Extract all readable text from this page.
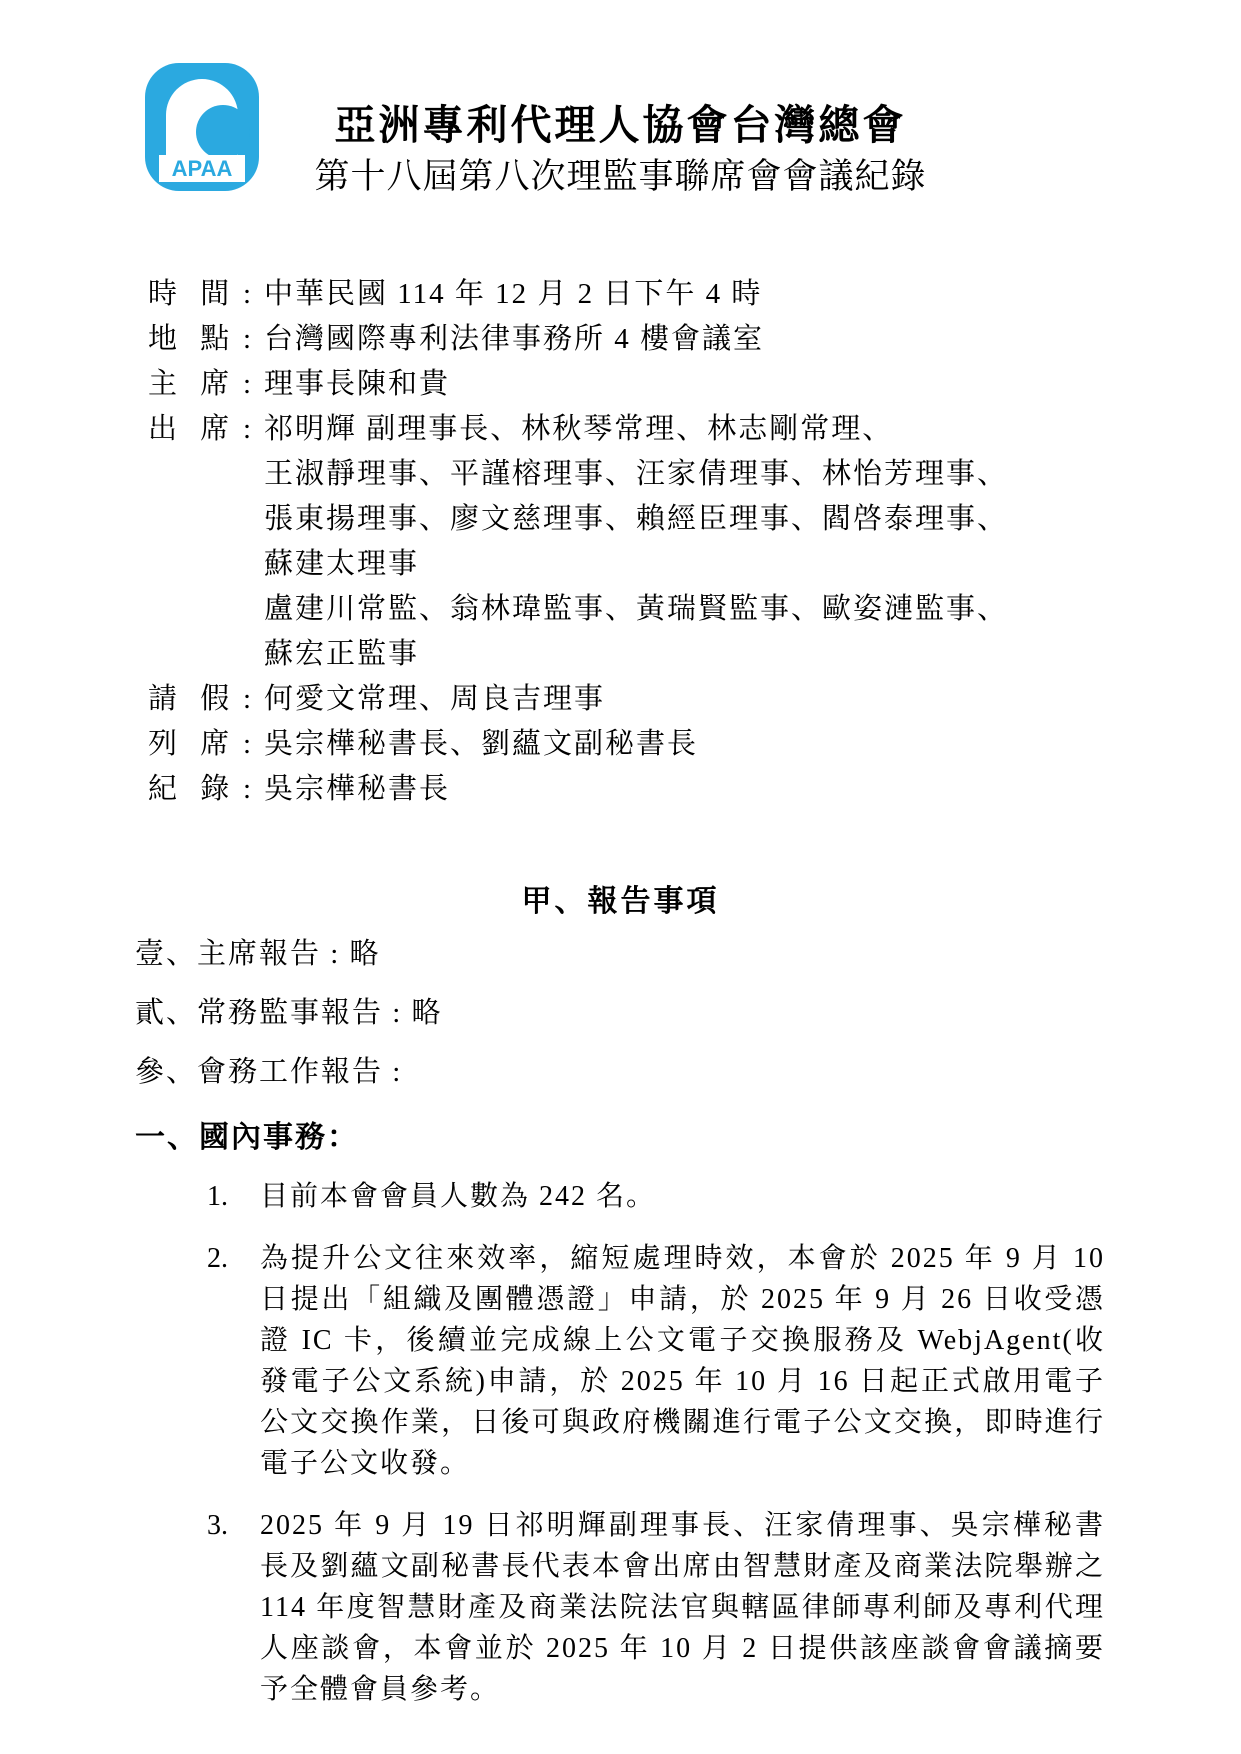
APAA
亞洲專利代理人協會台灣總會
第十八屆第八次理監事聯席會會議紀錄
時 間 : 中華民國 114 年 12 月 2 日下午 4 時
地 點 : 台灣國際專利法律事務所 4 樓會議室
主 席 : 理事長陳和貴
出 席 : 祁明輝 副理事長、林秋琴常理、林志剛常理、
王淑靜理事、平謹榕理事、汪家倩理事、林怡芳理事、
張東揚理事、廖文慈理事、賴經臣理事、閻啓泰理事、
蘇建太理事
盧建川常監、翁林瑋監事、黃瑞賢監事、歐姿漣監事、
蘇宏正監事
請 假 : 何愛文常理、周良吉理事
列 席 : 吳宗樺秘書長、劉蘊文副秘書長
紀 錄 : 吳宗樺秘書長
甲、報告事項
壹、主席報告 : 略
貳、常務監事報告 : 略
參、會務工作報告 :
一、國內事務：
1.	目前本會會員人數為 242 名。
2.	為提升公文往來效率，縮短處理時效，本會於 2025 年 9 月 10 日提出「組織及團體憑證」申請，於 2025 年 9 月 26 日收受憑證 IC 卡，後續並完成線上公文電子交換服務及 WebjAgent(收發電子公文系統)申請，於 2025 年 10 月 16 日起正式啟用電子公文交換作業，日後可與政府機關進行電子公文交換，即時進行電子公文收發。
3.	2025 年 9 月 19 日祁明輝副理事長、汪家倩理事、吳宗樺秘書長及劉蘊文副秘書長代表本會出席由智慧財產及商業法院舉辦之 114 年度智慧財產及商業法院法官與轄區律師專利師及專利代理人座談會，本會並於 2025 年 10 月 2 日提供該座談會會議摘要予全體會員參考。
